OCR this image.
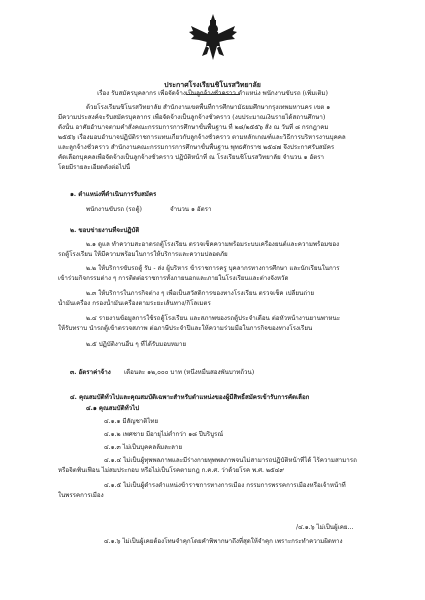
ประกาศโรงเรียนชิโนรสวิทยาลัย
เรื่อง รับสมัครบุคลากร เพื่อจัดจ้างเป็นลูกจ้างชั่วคราว ตำแหน่ง พนักงานขับรถ (เพิ่มเติม)
ด้วยโรงเรียนชิโนรสวิทยาลัย สำนักงานเขตพื้นที่การศึกษามัธยมศึกษากรุงเทพมหานคร เขต ๑
มีความประสงค์จะรับสมัครบุคลากร เพื่อจัดจ้างเป็นลูกจ้างชั่วคราว (งบประมาณเงินรายได้สถานศึกษา)
ดังนั้น อาศัยอำนาจตามคำสั่งคณะกรรมการการศึกษาขั้นพื้นฐาน ที่ ๒๘/๒๕๕๖ สั่ง ณ วันที่ ๘ กรกฎาคม
๒๕๕๖ เรื่องมอบอำนาจปฏิบัติราชการแทนเกี่ยวกับลูกจ้างชั่วคราว ตามหลักเกณฑ์และวิธีการบริหารงานบุคคล
และลูกจ้างชั่วคราว สำนักงานคณะกรรมการการศึกษาขั้นพื้นฐาน พุทธศักราช ๒๕๔๗ จึงประกาศรับสมัคร
คัดเลือกบุคคลเพื่อจัดจ้างเป็นลูกจ้างชั่วคราว ปฏิบัติหน้าที่ ณ โรงเรียนชิโนรสวิทยาลัย จำนวน ๑ อัตรา
โดยมีรายละเอียดดังต่อไปนี้
๑. ตำแหน่งที่ดำเนินการรับสมัคร
พนักงานขับรถ (รถตู้)	จำนวน ๑ อัตรา
๒. ขอบข่ายงานที่จะปฏิบัติ
๒.๑ ดูแล ทำความสะอาดรถตู้โรงเรียน ตรวจเช็คความพร้อมระบบเครื่องยนต์และความพร้อมของ
รถตู้โรงเรียน ให้มีความพร้อมในการให้บริการและความปลอดภัย
๒.๒ ให้บริการขับรถตู้ รับ - ส่ง ผู้บริหาร ข้าราชการครู บุคลากรทางการศึกษา และนักเรียนในการ
เข้าร่วมกิจกรรมต่าง ๆ การติดต่อราชการทั้งภายนอกและภายในโรงเรียนและต่างจังหวัด
๒.๓ ให้บริการในภารกิจต่าง ๆ เพื่อเป็นสวัสดิการของทางโรงเรียน ตรวจเช็ค เปลี่ยนถ่าย
น้ำมันเครื่อง กรองน้ำมันเครื่องตามระยะเส้นทาง/กิโลเมตร
๒.๔ รายงานข้อมูลการใช้รถตู้โรงเรียน และสภาพของรถตู้ประจำเดือน ต่อหัวหน้างานยานพาหนะ
ให้รับทราบ นำรถตู้เข้าตรวจสภาพ ต่อภาษีประจำปีและให้ความร่วมมือในการกิจของทางโรงเรียน
๒.๕ ปฏิบัติงานอื่น ๆ ที่ได้รับมอบหมาย
๓. อัตราค่าจ้าง เดือนละ ๑๒,๐๐๐ บาท (หนึ่งหมื่นสองพันบาทถ้วน)
๔. คุณสมบัติทั่วไปและคุณสมบัติเฉพาะสำหรับตำแหน่งของผู้มีสิทธิ์สมัครเข้ารับการคัดเลือก
๔.๑ คุณสมบัติทั่วไป
๔.๑.๑ มีสัญชาติไทย
๔.๑.๒ เพศชาย มีอายุไม่ต่ำกว่า ๑๘ ปีบริบูรณ์
๔.๑.๓ ไม่เป็นบุคคลล้มละลาย
๔.๑.๔ ไม่เป็นผู้ทุพพลภาพและมีร่างกายทุพพลภาพจนไม่สามารถปฏิบัติหน้าที่ได้ ไร้ความสามารถ
หรือจิตฟั่นเฟือน ไม่สมประกอบ หรือไม่เป็นโรคตามกฎ ก.ค.ศ. ว่าด้วยโรค พ.ศ. ๒๕๔๙
๔.๑.๕ ไม่เป็นผู้ดำรงตำแหน่งข้าราชการทางการเมือง กรรมการพรรคการเมืองหรือเจ้าหน้าที่
ในพรรคการเมือง
/๔.๑.๖ ไม่เป็นผู้เคย...
๔.๑.๖ ไม่เป็นผู้เคยต้องโทษจำคุกโดยคำพิพากษาถึงที่สุดให้จำคุก เพราะกระทำความผิดทาง
